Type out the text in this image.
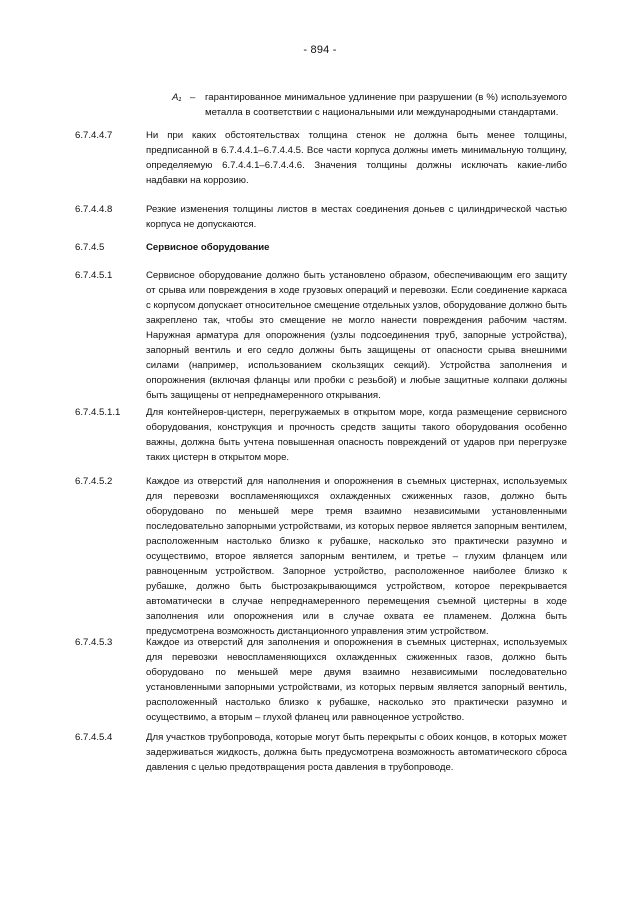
- 894 -
A₁ – гарантированное минимальное удлинение при разрушении (в %) используемого металла в соответствии с национальными или международными стандартами.
6.7.4.4.7	Ни при каких обстоятельствах толщина стенок не должна быть менее толщины, предписанной в 6.7.4.4.1–6.7.4.4.5. Все части корпуса должны иметь минимальную толщину, определяемую 6.7.4.4.1–6.7.4.4.6. Значения толщины должны исключать какие-либо надбавки на коррозию.
6.7.4.4.8	Резкие изменения толщины листов в местах соединения доньев с цилиндрической частью корпуса не допускаются.
6.7.4.5	Сервисное оборудование
6.7.4.5.1	Сервисное оборудование должно быть установлено образом, обеспечивающим его защиту от срыва или повреждения в ходе грузовых операций и перевозки. Если соединение каркаса с корпусом допускает относительное смещение отдельных узлов, оборудование должно быть закреплено так, чтобы это смещение не могло нанести повреждения рабочим частям. Наружная арматура для опорожнения (узлы подсоединения труб, запорные устройства), запорный вентиль и его седло должны быть защищены от опасности срыва внешними силами (например, использованием скользящих секций). Устройства заполнения и опорожнения (включая фланцы или пробки с резьбой) и любые защитные колпаки должны быть защищены от непреднамеренного открывания.
6.7.4.5.1.1	Для контейнеров-цистерн, перегружаемых в открытом море, когда размещение сервисного оборудования, конструкция и прочность средств защиты такого оборудования особенно важны, должна быть учтена повышенная опасность повреждений от ударов при перегрузке таких цистерн в открытом море.
6.7.4.5.2	Каждое из отверстий для наполнения и опорожнения в съемных цистернах, используемых для перевозки воспламеняющихся охлажденных сжиженных газов, должно быть оборудовано по меньшей мере тремя взаимно независимыми установленными последовательно запорными устройствами, из которых первое является запорным вентилем, расположенным настолько близко к рубашке, насколько это практически разумно и осуществимо, второе является запорным вентилем, и третье – глухим фланцем или равноценным устройством. Запорное устройство, расположенное наиболее близко к рубашке, должно быть быстрозакрывающимся устройством, которое перекрывается автоматически в случае непреднамеренного перемещения съемной цистерны в ходе заполнения или опорожнения или в случае охвата ее пламенем. Должна быть предусмотрена возможность дистанционного управления этим устройством.
6.7.4.5.3	Каждое из отверстий для заполнения и опорожнения в съемных цистернах, используемых для перевозки невоспламеняющихся охлажденных сжиженных газов, должно быть оборудовано по меньшей мере двумя взаимно независимыми последовательно установленными запорными устройствами, из которых первым является запорный вентиль, расположенный настолько близко к рубашке, насколько это практически разумно и осуществимо, а вторым – глухой фланец или равноценное устройство.
6.7.4.5.4	Для участков трубопровода, которые могут быть перекрыты с обоих концов, в которых может задерживаться жидкость, должна быть предусмотрена возможность автоматического сброса давления с целью предотвращения роста давления в трубопроводе.
